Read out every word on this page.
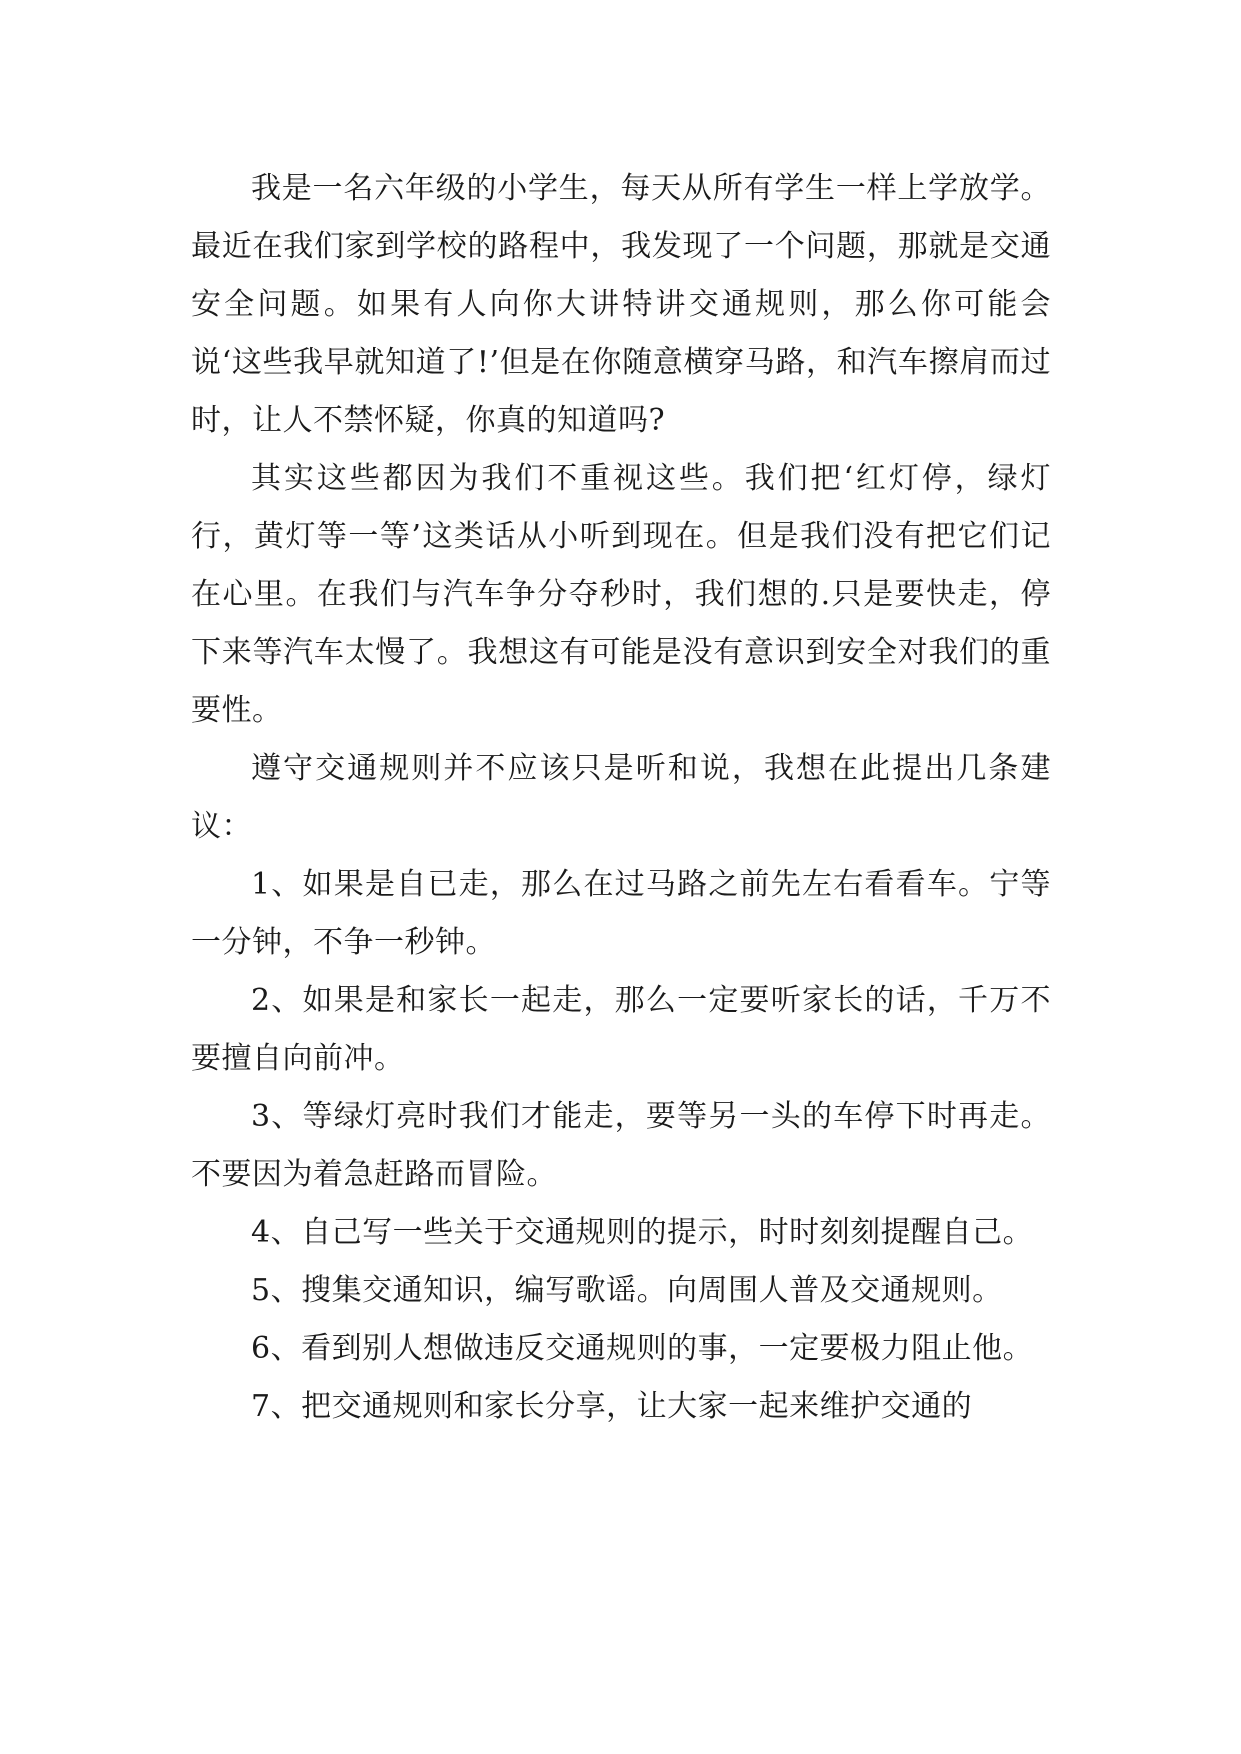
我是一名六年级的小学生，每天从所有学生一样上学放学。最近在我们家到学校的路程中，我发现了一个问题，那就是交通安全问题。如果有人向你大讲特讲交通规则，那么你可能会说‘这些我早就知道了!’但是在你随意横穿马路，和汽车擦肩而过时，让人不禁怀疑，你真的知道吗?

其实这些都因为我们不重视这些。我们把‘红灯停，绿灯行，黄灯等一等’这类话从小听到现在。但是我们没有把它们记在心里。在我们与汽车争分夺秒时，我们想的.只是要快走，停下来等汽车太慢了。我想这有可能是没有意识到安全对我们的重要性。

遵守交通规则并不应该只是听和说，我想在此提出几条建议：

1、如果是自已走，那么在过马路之前先左右看看车。宁等一分钟，不争一秒钟。

2、如果是和家长一起走，那么一定要听家长的话，千万不要擅自向前冲。

3、等绿灯亮时我们才能走，要等另一头的车停下时再走。不要因为着急赶路而冒险。

4、自己写一些关于交通规则的提示，时时刻刻提醒自己。

5、搜集交通知识，编写歌谣。向周围人普及交通规则。

6、看到别人想做违反交通规则的事，一定要极力阻止他。

7、把交通规则和家长分享，让大家一起来维护交通的
